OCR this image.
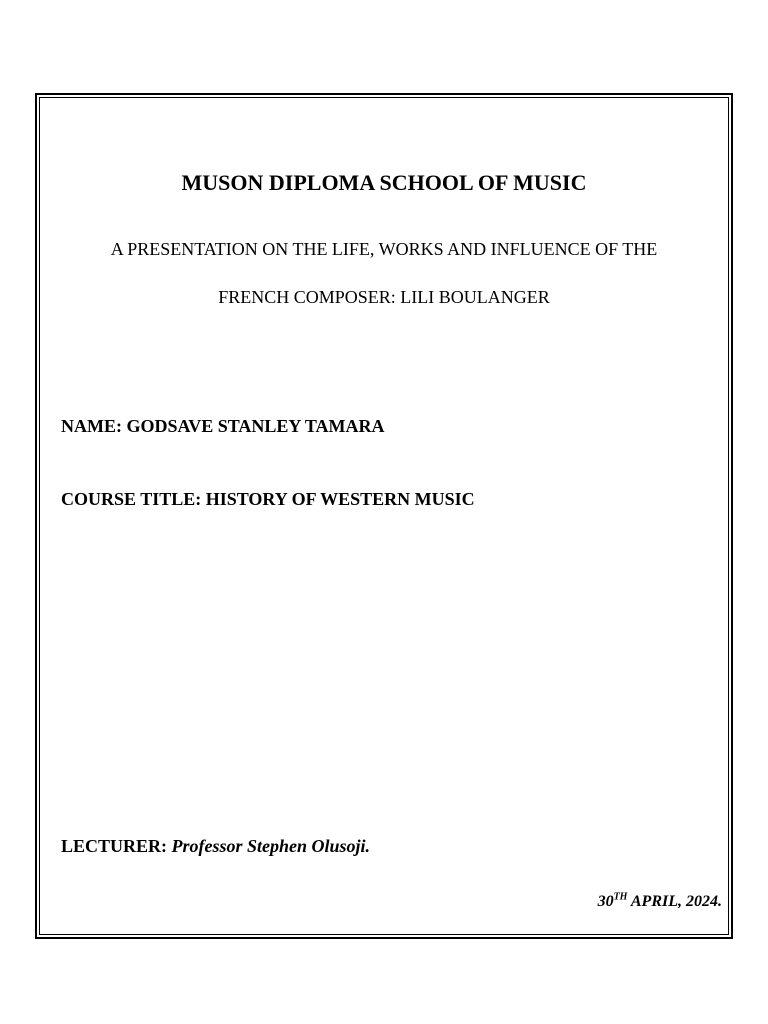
MUSON DIPLOMA SCHOOL OF MUSIC
A PRESENTATION ON THE LIFE, WORKS AND INFLUENCE OF THE
FRENCH COMPOSER: LILI BOULANGER
NAME: GODSAVE STANLEY TAMARA
COURSE TITLE: HISTORY OF WESTERN MUSIC
LECTURER: Professor Stephen Olusoji.
30TH APRIL, 2024.
